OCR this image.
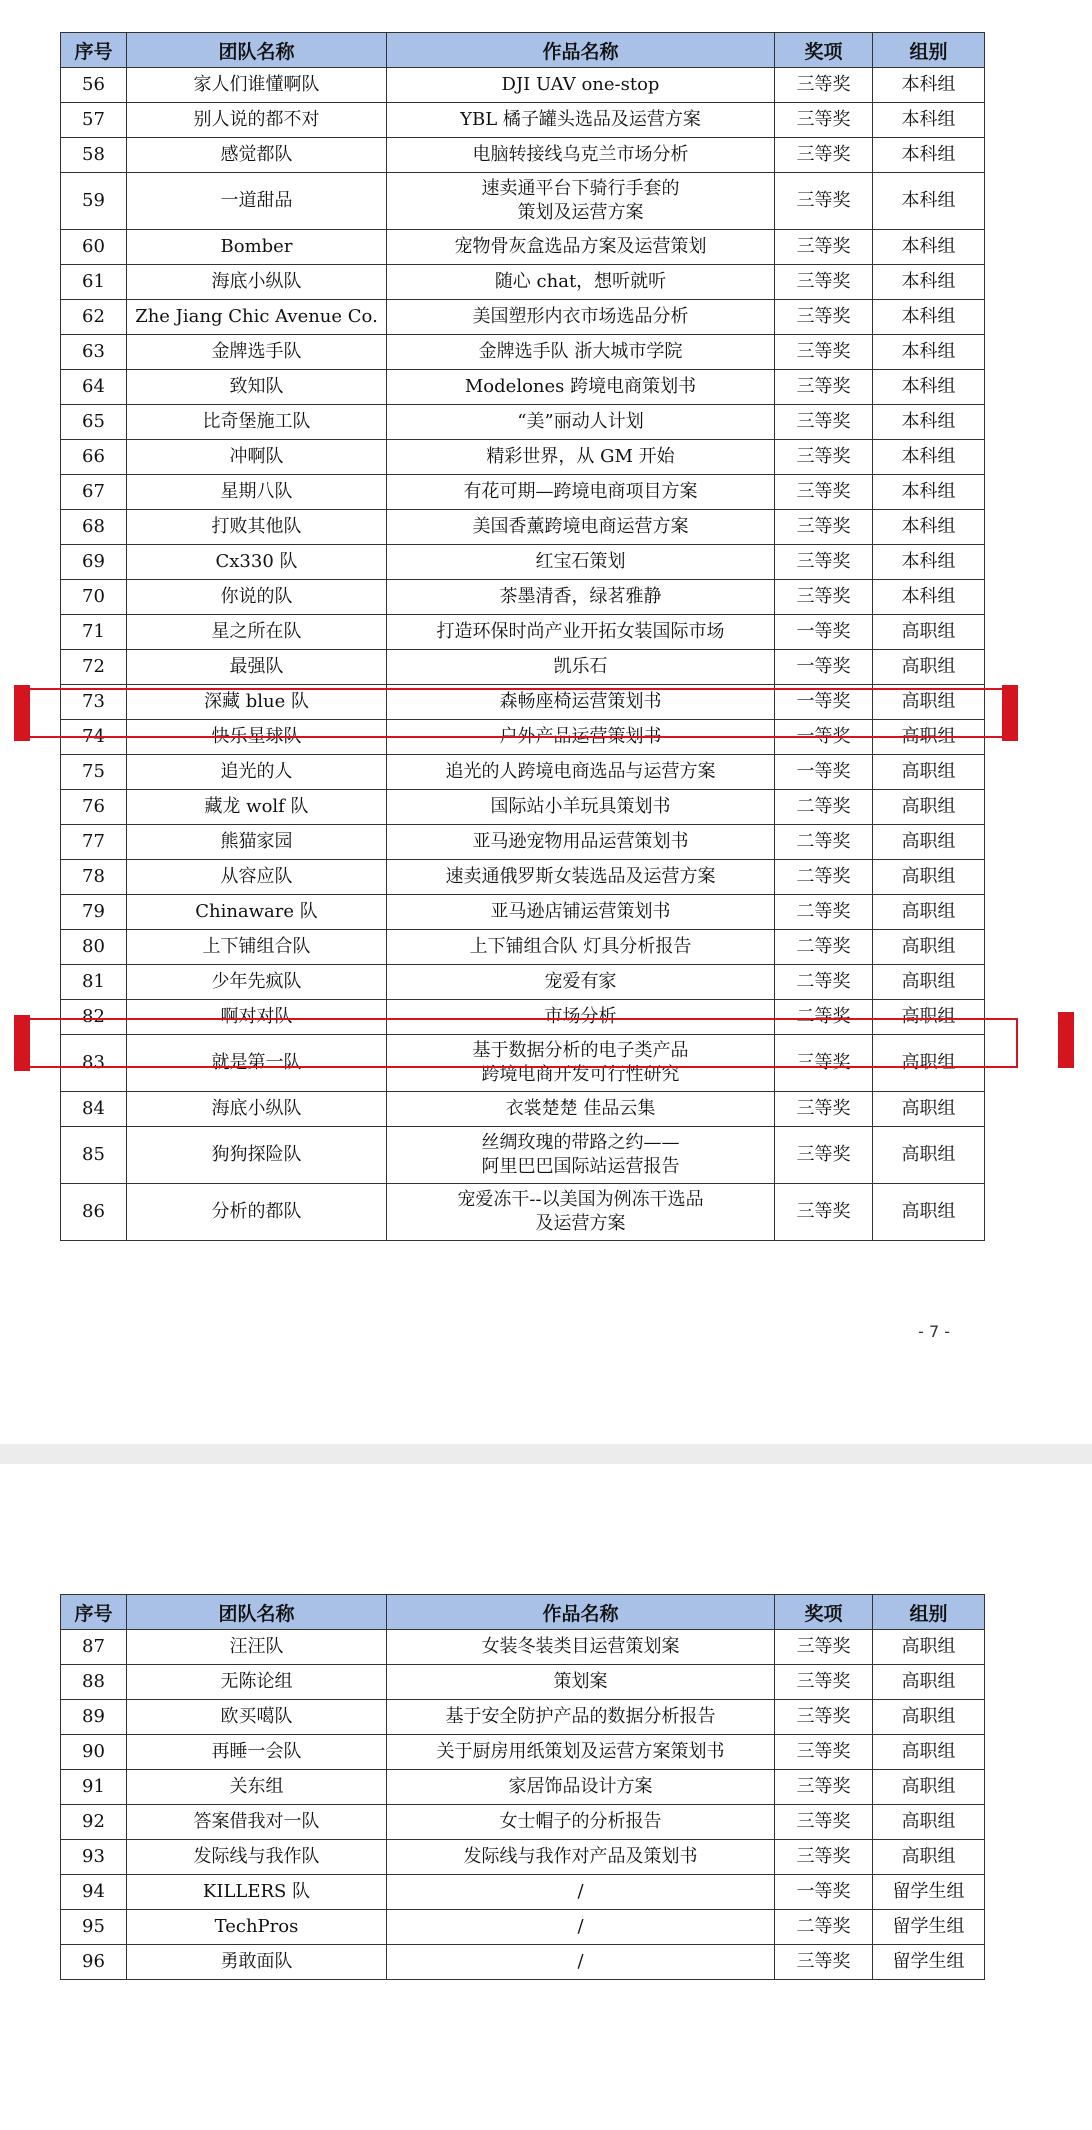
序号	团队名称	作品名称	奖项	组别
56	家人们谁懂啊队	DJI UAV one-stop	三等奖	本科组
57	别人说的都不对	YBL 橘子罐头选品及运营方案	三等奖	本科组
58	感觉都队	电脑转接线乌克兰市场分析	三等奖	本科组
59	一道甜品	速卖通平台下骑行手套的
策划及运营方案	三等奖	本科组
60	Bomber	宠物骨灰盒选品方案及运营策划	三等奖	本科组
61	海底小纵队	随心 chat，想听就听	三等奖	本科组
62	Zhe Jiang Chic Avenue Co.	美国塑形内衣市场选品分析	三等奖	本科组
63	金牌选手队	金牌选手队 浙大城市学院	三等奖	本科组
64	致知队	Modelones 跨境电商策划书	三等奖	本科组
65	比奇堡施工队	“美”丽动人计划	三等奖	本科组
66	冲啊队	精彩世界，从 GM 开始	三等奖	本科组
67	星期八队	有花可期—跨境电商项目方案	三等奖	本科组
68	打败其他队	美国香薰跨境电商运营方案	三等奖	本科组
69	Cx330 队	红宝石策划	三等奖	本科组
70	你说的队	茶墨清香，绿茗雅静	三等奖	本科组
71	星之所在队	打造环保时尚产业开拓女装国际市场	一等奖	高职组
72	最强队	凯乐石	一等奖	高职组
73	深藏 blue 队	森畅座椅运营策划书	一等奖	高职组
74	快乐星球队	户外产品运营策划书	一等奖	高职组
75	追光的人	追光的人跨境电商选品与运营方案	一等奖	高职组
76	藏龙 wolf 队	国际站小羊玩具策划书	二等奖	高职组
77	熊猫家园	亚马逊宠物用品运营策划书	二等奖	高职组
78	从容应队	速卖通俄罗斯女装选品及运营方案	二等奖	高职组
79	Chinaware 队	亚马逊店铺运营策划书	二等奖	高职组
80	上下铺组合队	上下铺组合队 灯具分析报告	二等奖	高职组
81	少年先疯队	宠爱有家	二等奖	高职组
82	啊对对队	市场分析	二等奖	高职组
83	就是第一队	基于数据分析的电子类产品
跨境电商开发可行性研究	三等奖	高职组
84	海底小纵队	衣裳楚楚 佳品云集	三等奖	高职组
85	狗狗探险队	丝绸玫瑰的带路之约——
阿里巴巴国际站运营报告	三等奖	高职组
86	分析的都队	宠爱冻干--以美国为例冻干选品
及运营方案	三等奖	高职组
- 7 -
序号	团队名称	作品名称	奖项	组别
87	汪汪队	女装冬装类目运营策划案	三等奖	高职组
88	无陈论组	策划案	三等奖	高职组
89	欧买噶队	基于安全防护产品的数据分析报告	三等奖	高职组
90	再睡一会队	关于厨房用纸策划及运营方案策划书	三等奖	高职组
91	关东组	家居饰品设计方案	三等奖	高职组
92	答案借我对一队	女士帽子的分析报告	三等奖	高职组
93	发际线与我作队	发际线与我作对产品及策划书	三等奖	高职组
94	KILLERS 队	/	一等奖	留学生组
95	TechPros	/	二等奖	留学生组
96	勇敢面队	/	三等奖	留学生组
